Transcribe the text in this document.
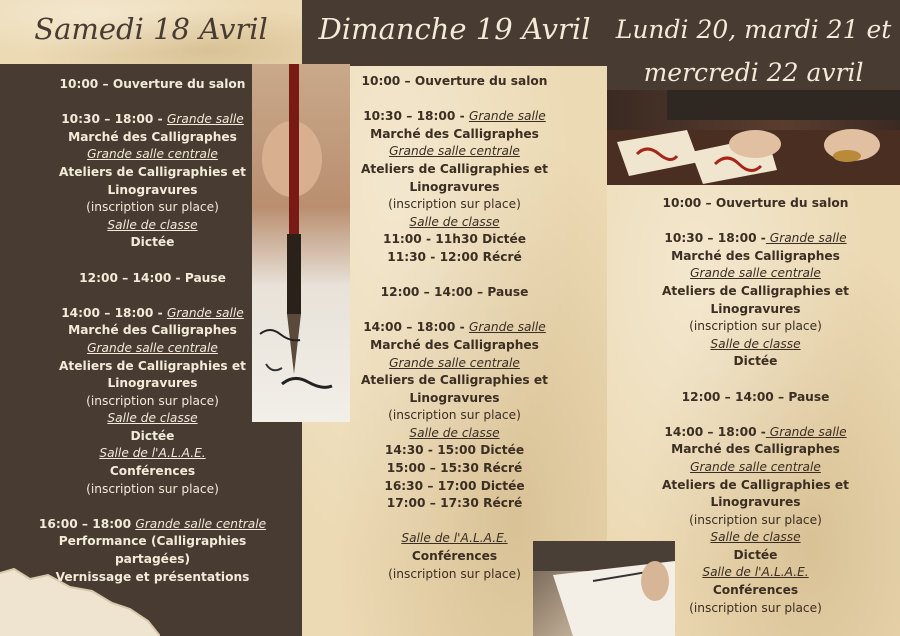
Samedi 18 Avril	Dimanche 19 Avril	Lundi 20, mardi 21 et
mercredi 22 avril
10:00 – Ouverture du salon
10:30 – 18:00 - Grande salle
Marché des Calligraphes
Grande salle centrale
Ateliers de Calligraphies et
Linogravures
(inscription sur place)
Salle de classe
Dictée
12:00 – 14:00 - Pause
14:00 – 18:00 - Grande salle
Marché des Calligraphes
Grande salle centrale
Ateliers de Calligraphies et
Linogravures
(inscription sur place)
Salle de classe
Dictée
Salle de l'A.L.A.E.
Conférences
(inscription sur place)
16:00 – 18:00 Grande salle centrale
Performance (Calligraphies
partagées)
Vernissage et présentations
10:00 – Ouverture du salon
10:30 – 18:00 - Grande salle
Marché des Calligraphes
Grande salle centrale
Ateliers de Calligraphies et
Linogravures
(inscription sur place)
Salle de classe
11:00 - 11h30 Dictée
11:30 - 12:00 Récré
12:00 – 14:00 – Pause
14:00 – 18:00 - Grande salle
Marché des Calligraphes
Grande salle centrale
Ateliers de Calligraphies et
Linogravures
(inscription sur place)
Salle de classe
14:30 - 15:00 Dictée
15:00 – 15:30 Récré
16:30 – 17:00 Dictée
17:00 – 17:30 Récré
Salle de l'A.L.A.E.
Conférences
(inscription sur place)
10:00 – Ouverture du salon
10:30 – 18:00 - Grande salle
Marché des Calligraphes
Grande salle centrale
Ateliers de Calligraphies et
Linogravures
(inscription sur place)
Salle de classe
Dictée
12:00 – 14:00 – Pause
14:00 – 18:00 - Grande salle
Marché des Calligraphes
Grande salle centrale
Ateliers de Calligraphies et
Linogravures
(inscription sur place)
Salle de classe
Dictée
Salle de l'A.L.A.E.
Conférences
(inscription sur place)
